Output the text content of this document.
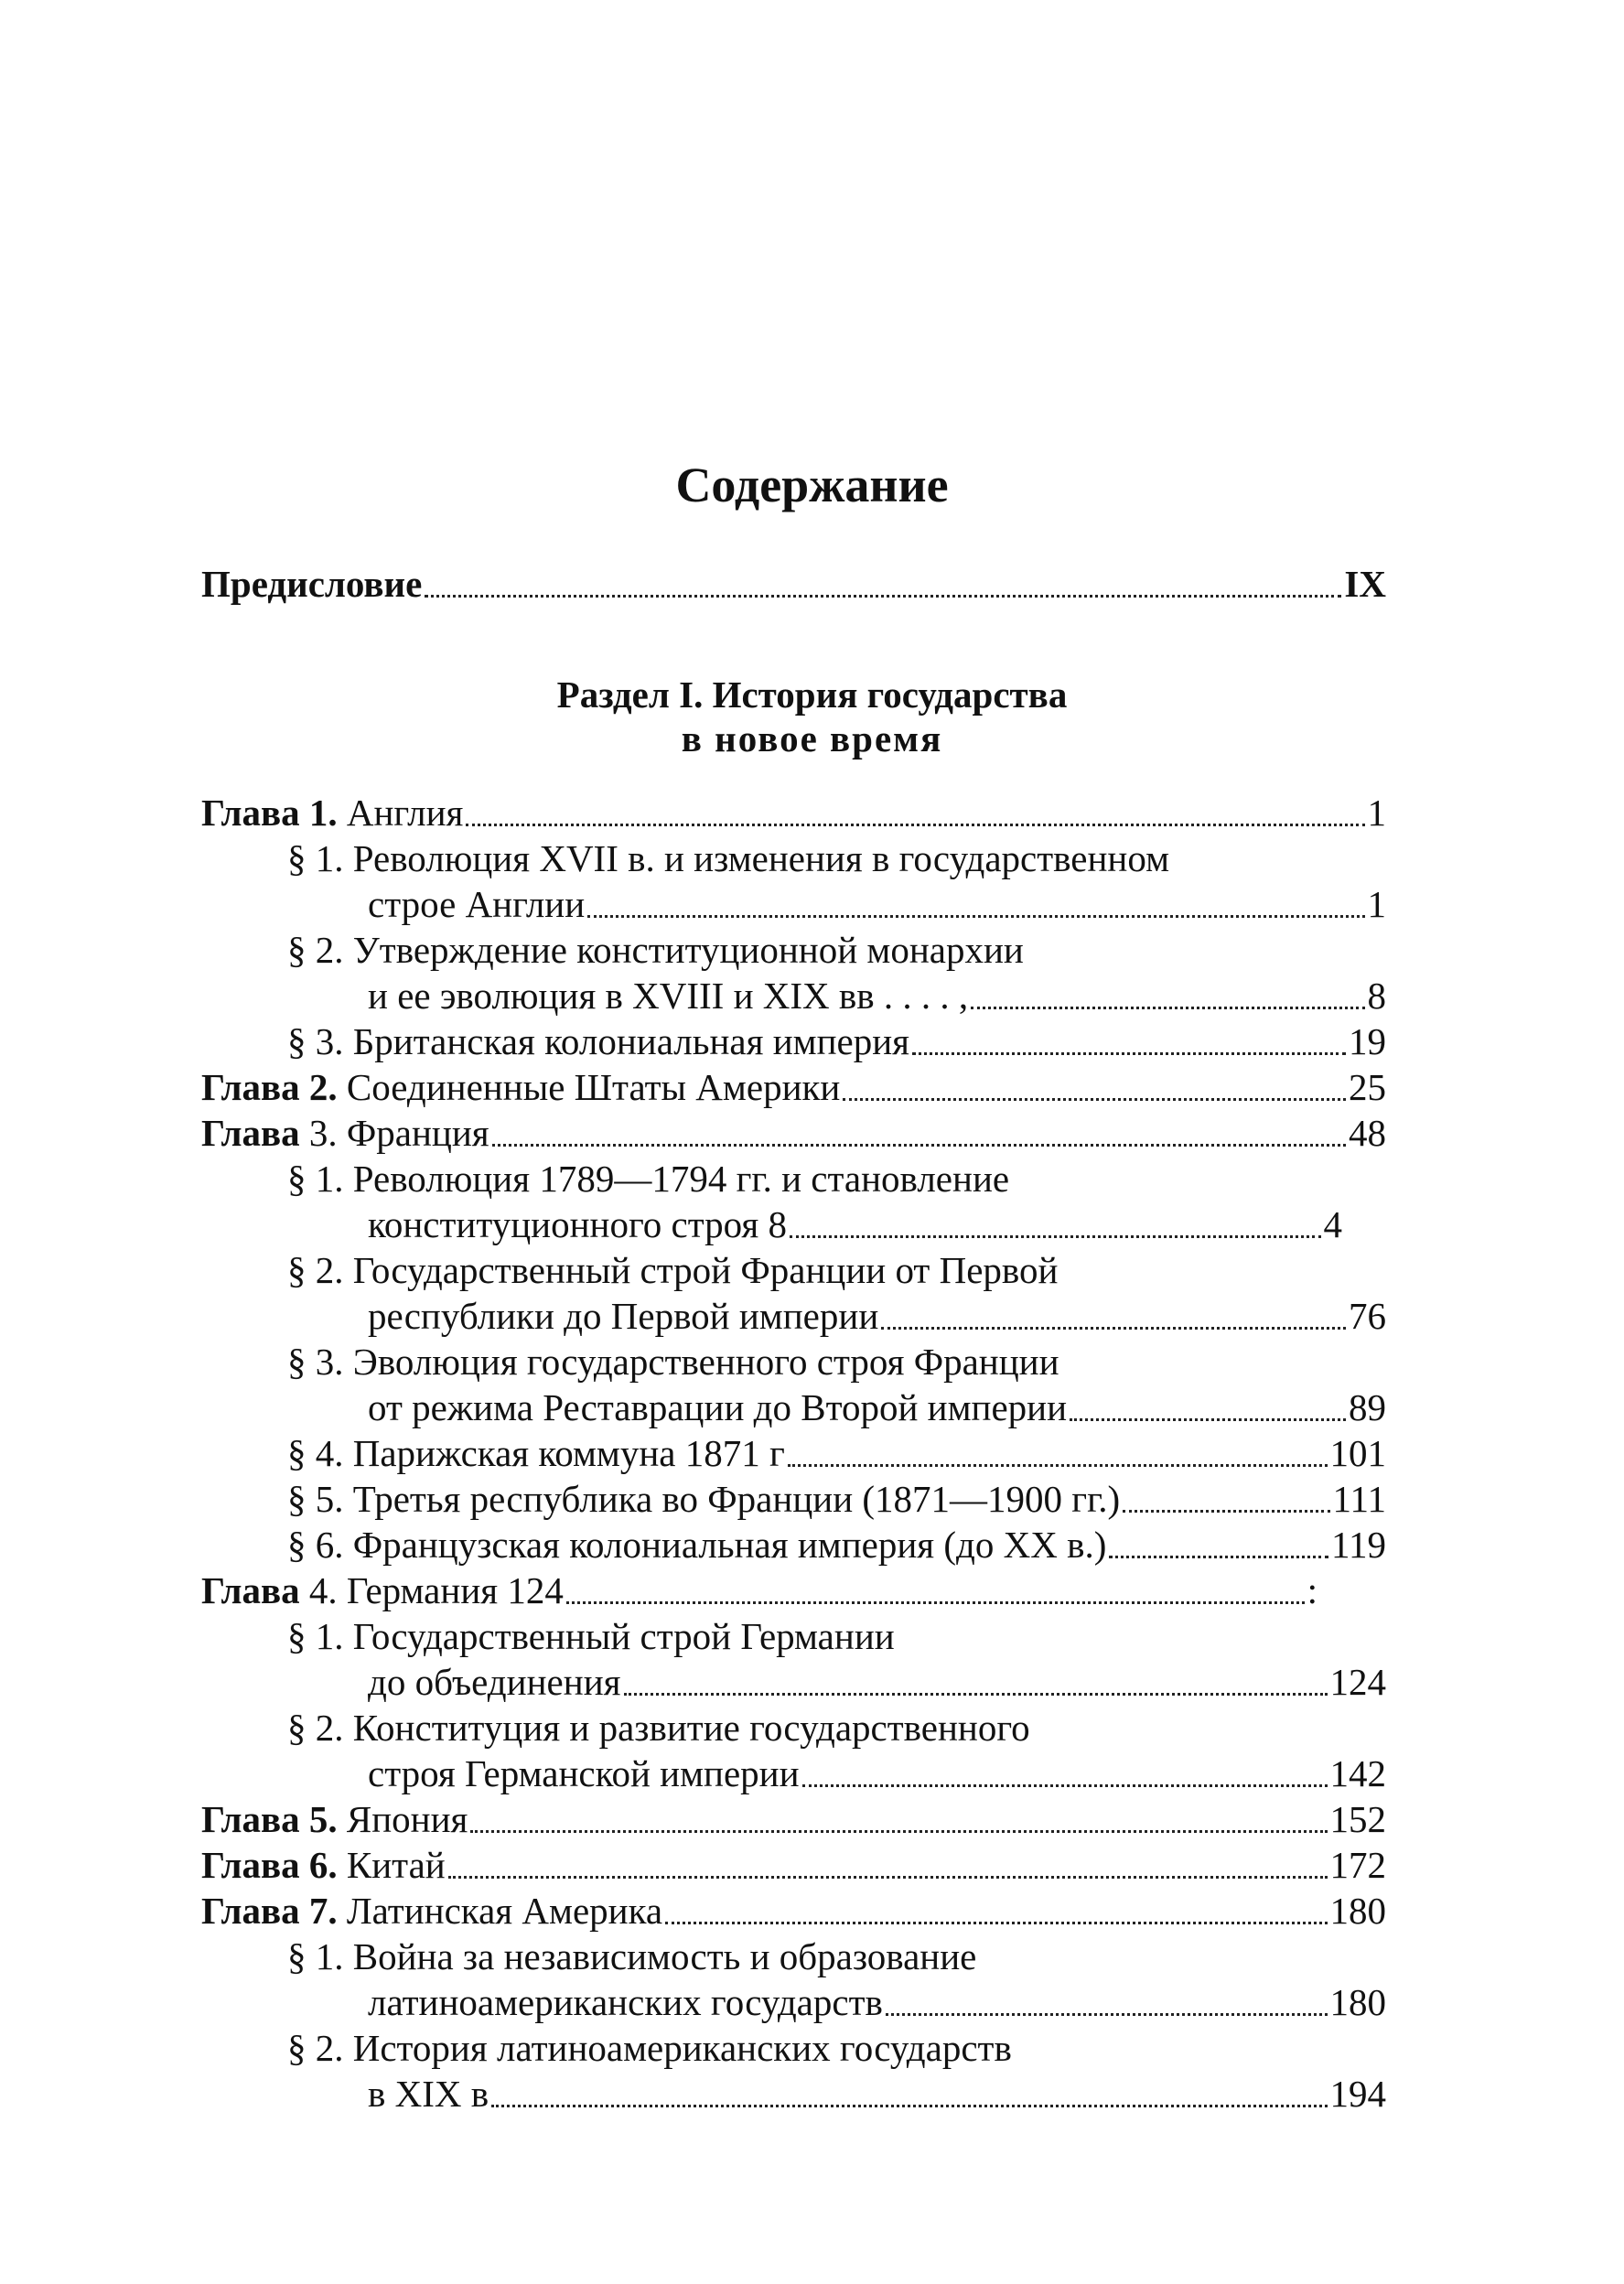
Содержание
Раздел I. История государства
в новое время
Предисловие	IX
Глава 1. Англия	1
§ 1. Революция XVII в. и изменения в государственном
строе Англии	1
§ 2. Утверждение конституционной монархии
и ее эволюция в XVIII и XIX вв . . . . ,	8
§ 3. Британская колониальная империя	19
Глава 2. Соединенные Штаты Америки	25
Глава 3. Франция	48
§ 1. Революция 1789—1794 гг. и становление
конституционного строя 8	4
§ 2. Государственный строй Франции от Первой
республики до Первой империи	76
§ 3. Эволюция государственного строя Франции
от режима Реставрации до Второй империи	89
§ 4. Парижская коммуна 1871 г	101
§ 5. Третья республика во Франции (1871—1900 гг.)	111
§ 6. Французская колониальная империя (до XX в.)	119
Глава 4. Германия 124	:
§ 1. Государственный строй Германии
до объединения	124
§ 2. Конституция и развитие государственного
строя Германской империи	142
Глава 5. Япония	152
Глава 6. Китай	172
Глава 7. Латинская Америка	180
§ 1. Война за независимость и образование
латиноамериканских государств	180
§ 2. История латиноамериканских государств
в XIX в	194
